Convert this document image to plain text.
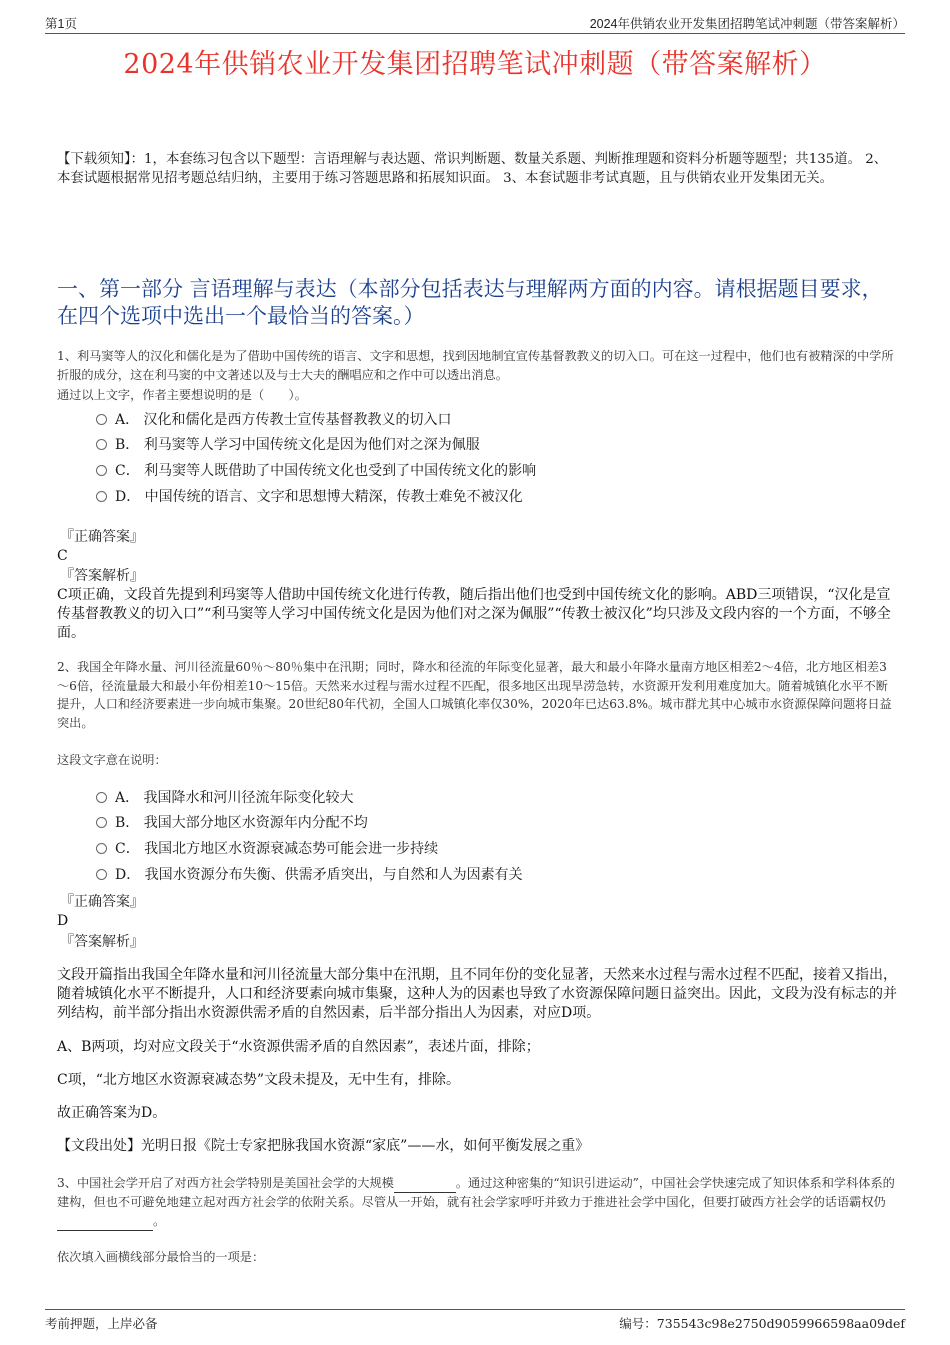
第1页	2024年供销农业开发集团招聘笔试冲刺题（带答案解析）
2024年供销农业开发集团招聘笔试冲刺题（带答案解析）
【下载须知】：1，本套练习包含以下题型：言语理解与表达题、常识判断题、数量关系题、判断推理题和资料分析题等题型；共135道。 2、本套试题根据常见招考题总结归纳，主要用于练习答题思路和拓展知识面。 3、本套试题非考试真题，且与供销农业开发集团无关。
一、第一部分 言语理解与表达（本部分包括表达与理解两方面的内容。请根据题目要求，在四个选项中选出一个最恰当的答案。）
1、利马窦等人的汉化和儒化是为了借助中国传统的语言、文字和思想，找到因地制宜宣传基督教教义的切入口。可在这一过程中，他们也有被精深的中学所折服的成分，这在利马窦的中文著述以及与士大夫的酬唱应和之作中可以透出消息。
通过以上文字，作者主要想说明的是（　　）。
A． 汉化和儒化是西方传教士宣传基督教教义的切入口
B． 利马窦等人学习中国传统文化是因为他们对之深为佩服
C． 利马窦等人既借助了中国传统文化也受到了中国传统文化的影响
D． 中国传统的语言、文字和思想博大精深，传教士难免不被汉化
『正确答案』
C
『答案解析』
C项正确，文段首先提到利玛窦等人借助中国传统文化进行传教，随后指出他们也受到中国传统文化的影响。ABD三项错误，“汉化是宣传基督教教义的切入口”“利马窦等人学习中国传统文化是因为他们对之深为佩服”“传教士被汉化”均只涉及文段内容的一个方面，不够全面。
2、我国全年降水量、河川径流量60％～80％集中在汛期；同时，降水和径流的年际变化显著，最大和最小年降水量南方地区相差2～4倍，北方地区相差3～6倍，径流量最大和最小年份相差10～15倍。天然来水过程与需水过程不匹配，很多地区出现旱涝急转，水资源开发利用难度加大。随着城镇化水平不断提升，人口和经济要素进一步向城市集聚。20世纪80年代初，全国人口城镇化率仅30%，2020年已达63.8%。城市群尤其中心城市水资源保障问题将日益突出。
这段文字意在说明：
A． 我国降水和河川径流年际变化较大
B． 我国大部分地区水资源年内分配不均
C． 我国北方地区水资源衰减态势可能会进一步持续
D． 我国水资源分布失衡、供需矛盾突出，与自然和人为因素有关
『正确答案』
D
『答案解析』
文段开篇指出我国全年降水量和河川径流量大部分集中在汛期，且不同年份的变化显著，天然来水过程与需水过程不匹配，接着又指出，随着城镇化水平不断提升，人口和经济要素向城市集聚，这种人为的因素也导致了水资源保障问题日益突出。因此，文段为没有标志的并列结构，前半部分指出水资源供需矛盾的自然因素，后半部分指出人为因素，对应D项。
A、B两项，均对应文段关于“水资源供需矛盾的自然因素”，表述片面，排除；
C项，“北方地区水资源衰减态势”文段未提及，无中生有，排除。
故正确答案为D。
【文段出处】光明日报《院士专家把脉我国水资源“家底”——水，如何平衡发展之重》
3、中国社会学开启了对西方社会学特别是美国社会学的大规模	。通过这种密集的“知识引进运动”，中国社会学快速完成了知识体系和学科体系的建构，但也不可避免地建立起对西方社会学的依附关系。尽管从一开始，就有社会学家呼吁并致力于推进社会学中国化，但要打破西方社会学的话语霸权仍 。
依次填入画横线部分最恰当的一项是：
考前押题，上岸必备	编号：735543c98e2750d9059966598aa09def
